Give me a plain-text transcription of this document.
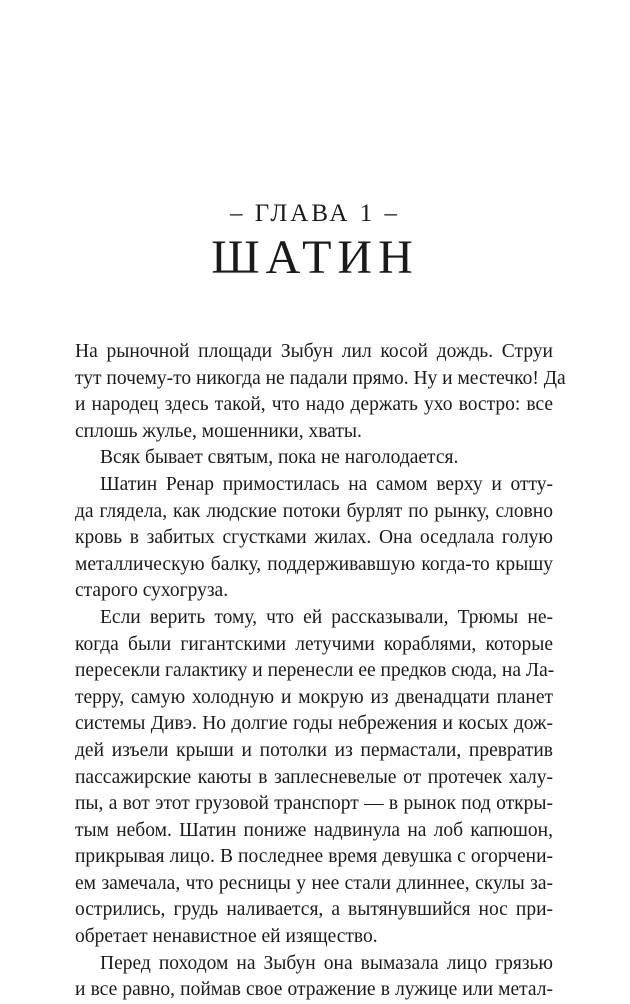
– ГЛАВА 1 –
ШАТИН
На рыночной площади Зыбун лил косой дождь. Струи
тут почему-то никогда не падали прямо. Ну и местечко! Да
и народец здесь такой, что надо держать ухо востро: все
сплошь жулье, мошенники, хваты.
Всяк бывает святым, пока не наголодается.
Шатин Ренар примостилась на самом верху и отту-
да глядела, как людские потоки бурлят по рынку, словно
кровь в забитых сгустками жилах. Она оседлала голую
металлическую балку, поддерживавшую когда-то крышу
старого сухогруза.
Если верить тому, что ей рассказывали, Трюмы не-
когда были гигантскими летучими кораблями, которые
пересекли галактику и перенесли ее предков сюда, на Ла-
терру, самую холодную и мокрую из двенадцати планет
системы Дивэ. Но долгие годы небрежения и косых дож-
дей изъели крыши и потолки из пермастали, превратив
пассажирские каюты в заплесневелые от протечек халу-
пы, а вот этот грузовой транспорт — в рынок под откры-
тым небом. Шатин пониже надвинула на лоб капюшон,
прикрывая лицо. В последнее время девушка с огорчени-
ем замечала, что ресницы у нее стали длиннее, скулы за-
острились, грудь наливается, а вытянувшийся нос при-
обретает ненавистное ей изящество.
Перед походом на Зыбун она вымазала лицо грязью
и все равно, поймав свое отражение в лужице или метал-
